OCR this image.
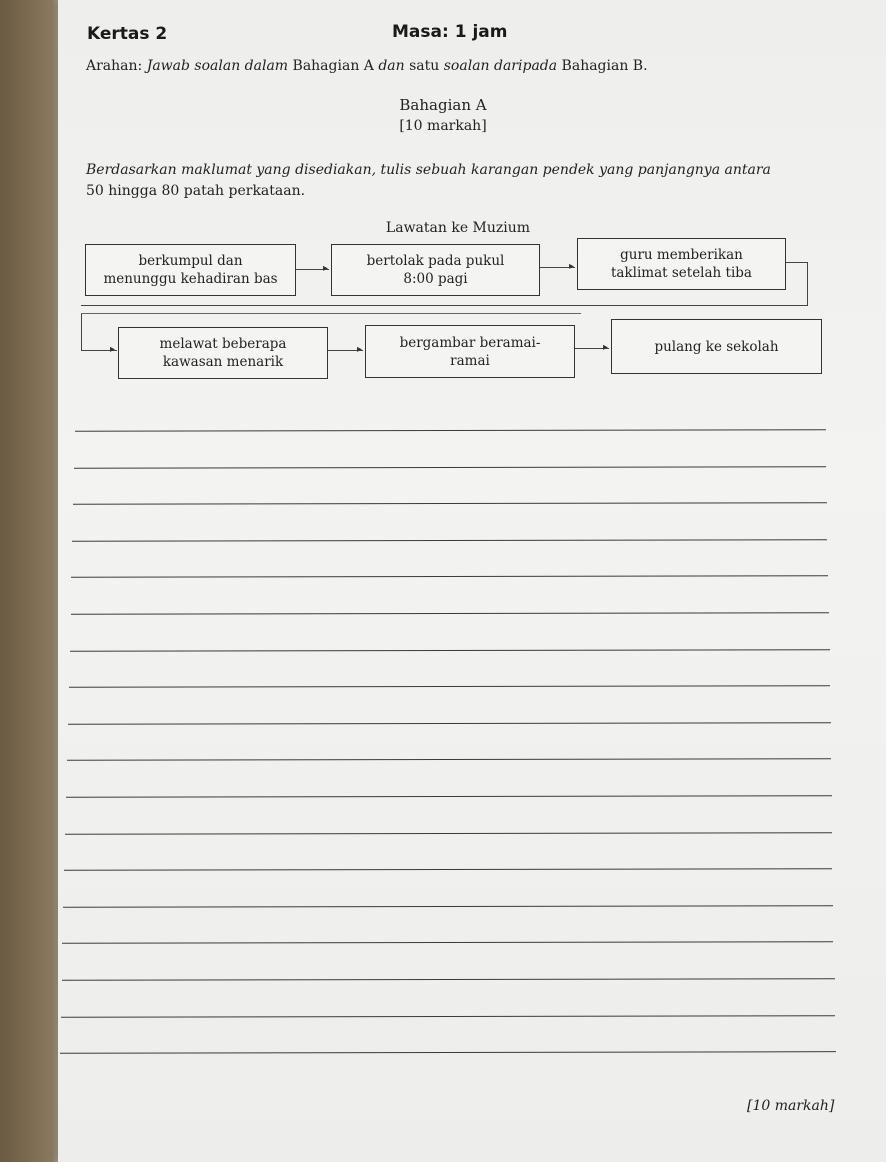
Kertas 2	Masa: 1 jam
Arahan: Jawab soalan dalam Bahagian A dan satu soalan daripada Bahagian B.
Bahagian A
[10 markah]
Berdasarkan maklumat yang disediakan, tulis sebuah karangan pendek yang panjangnya antara
50 hingga 80 patah perkataan.
Lawatan ke Muzium
berkumpul dan
menunggu kehadiran bas
bertolak pada pukul
8:00 pagi
guru memberikan
taklimat setelah tiba
▸	▸
▸	melawat beberapa
kawasan menarik
bergambar beramai-
ramai
pulang ke sekolah
▸	▸
[10 markah]
